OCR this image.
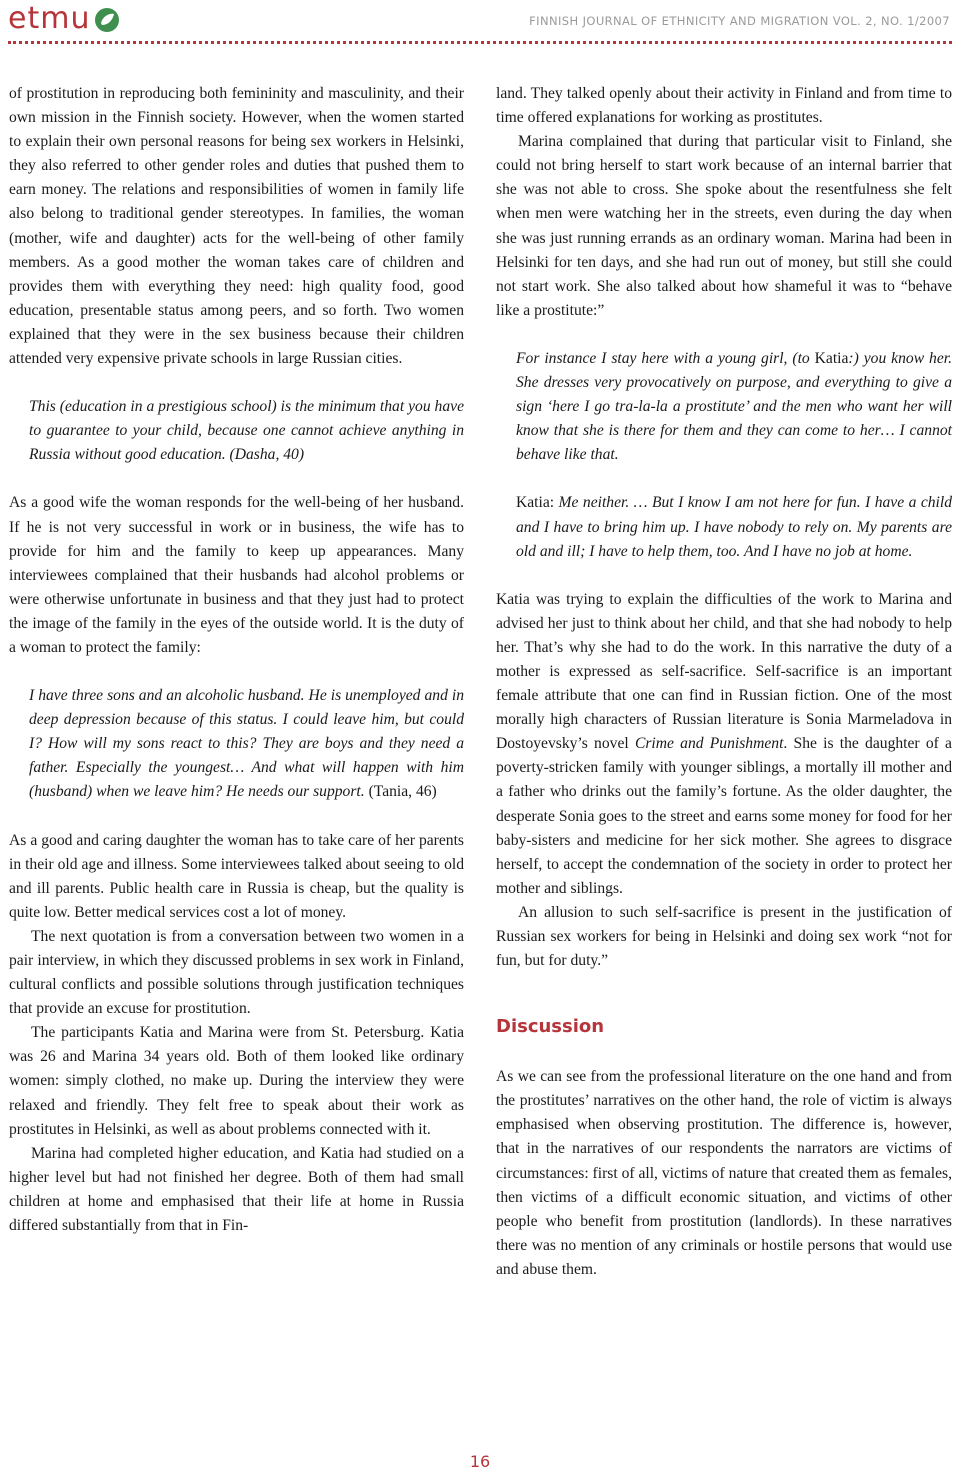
etmu	FINNISH JOURNAL OF ETHNICITY AND MIGRATION VOL. 2, NO. 1/2007

of prostitution in reproducing both femininity and masculinity, and their own mission in the Finnish society. However, when the women started to explain their own personal reasons for being sex workers in Helsinki, they also referred to other gender roles and duties that pushed them to earn money. The relations and responsibilities of women in family life also belong to traditional gender stereotypes. In families, the woman (mother, wife and daughter) acts for the well-being of other family members. As a good mother the woman takes care of children and provides them with everything they need: high quality food, good education, presentable status among peers, and so forth. Two women explained that they were in the sex business because their children attended very expensive private schools in large Russian cities.

This (education in a prestigious school) is the minimum that you have to guarantee to your child, because one cannot achieve anything in Russia without good education. (Dasha, 40)

As a good wife the woman responds for the well-being of her husband. If he is not very successful in work or in business, the wife has to provide for him and the family to keep up appearances. Many interviewees complained that their husbands had alcohol problems or were otherwise unfortunate in business and that they just had to protect the image of the family in the eyes of the outside world. It is the duty of a woman to protect the family:

I have three sons and an alcoholic husband. He is unemployed and in deep depression because of this status. I could leave him, but could I? How will my sons react to this? They are boys and they need a father. Especially the youngest… And what will happen with him (husband) when we leave him? He needs our support. (Tania, 46)

As a good and caring daughter the woman has to take care of her parents in their old age and illness. Some interviewees talked about seeing to old and ill parents. Public health care in Russia is cheap, but the quality is quite low. Better medical services cost a lot of money.

The next quotation is from a conversation between two women in a pair interview, in which they discussed problems in sex work in Finland, cultural conflicts and possible solutions through justification techniques that provide an excuse for prostitution.

The participants Katia and Marina were from St. Petersburg. Katia was 26 and Marina 34 years old. Both of them looked like ordinary women: simply clothed, no make up. During the interview they were relaxed and friendly. They felt free to speak about their work as prostitutes in Helsinki, as well as about problems connected with it.

Marina had completed higher education, and Katia had studied on a higher level but had not finished her degree. Both of them had small children at home and emphasised that their life at home in Russia differed substantially from that in Fin-

land. They talked openly about their activity in Finland and from time to time offered explanations for working as prostitutes.

Marina complained that during that particular visit to Finland, she could not bring herself to start work because of an internal barrier that she was not able to cross. She spoke about the resentfulness she felt when men were watching her in the streets, even during the day when she was just running errands as an ordinary woman. Marina had been in Helsinki for ten days, and she had run out of money, but still she could not start work. She also talked about how shameful it was to “behave like a prostitute:”

For instance I stay here with a young girl, (to Katia:) you know her. She dresses very provocatively on purpose, and everything to give a sign ‘here I go tra-la-la a prostitute’ and the men who want her will know that she is there for them and they can come to her… I cannot behave like that.

Katia: Me neither. … But I know I am not here for fun. I have a child and I have to bring him up. I have nobody to rely on. My parents are old and ill; I have to help them, too. And I have no job at home.

Katia was trying to explain the difficulties of the work to Marina and advised her just to think about her child, and that she had nobody to help her. That’s why she had to do the work. In this narrative the duty of a mother is expressed as self-sacrifice. Self-sacrifice is an important female attribute that one can find in Russian fiction. One of the most morally high characters of Russian literature is Sonia Marmeladova in Dostoyevsky’s novel Crime and Punishment. She is the daughter of a poverty-stricken family with younger siblings, a mortally ill mother and a father who drinks out the family’s fortune. As the older daughter, the desperate Sonia goes to the street and earns some money for food for her baby-sisters and medicine for her sick mother. She agrees to disgrace herself, to accept the condemnation of the society in order to protect her mother and siblings.

An allusion to such self-sacrifice is present in the justification of Russian sex workers for being in Helsinki and doing sex work “not for fun, but for duty.”

Discussion

As we can see from the professional literature on the one hand and from the prostitutes’ narratives on the other hand, the role of victim is always emphasised when observing prostitution. The difference is, however, that in the narratives of our respondents the narrators are victims of circumstances: first of all, victims of nature that created them as females, then victims of a difficult economic situation, and victims of other people who benefit from prostitution (landlords). In these narratives there was no mention of any criminals or hostile persons that would use and abuse them.

16
